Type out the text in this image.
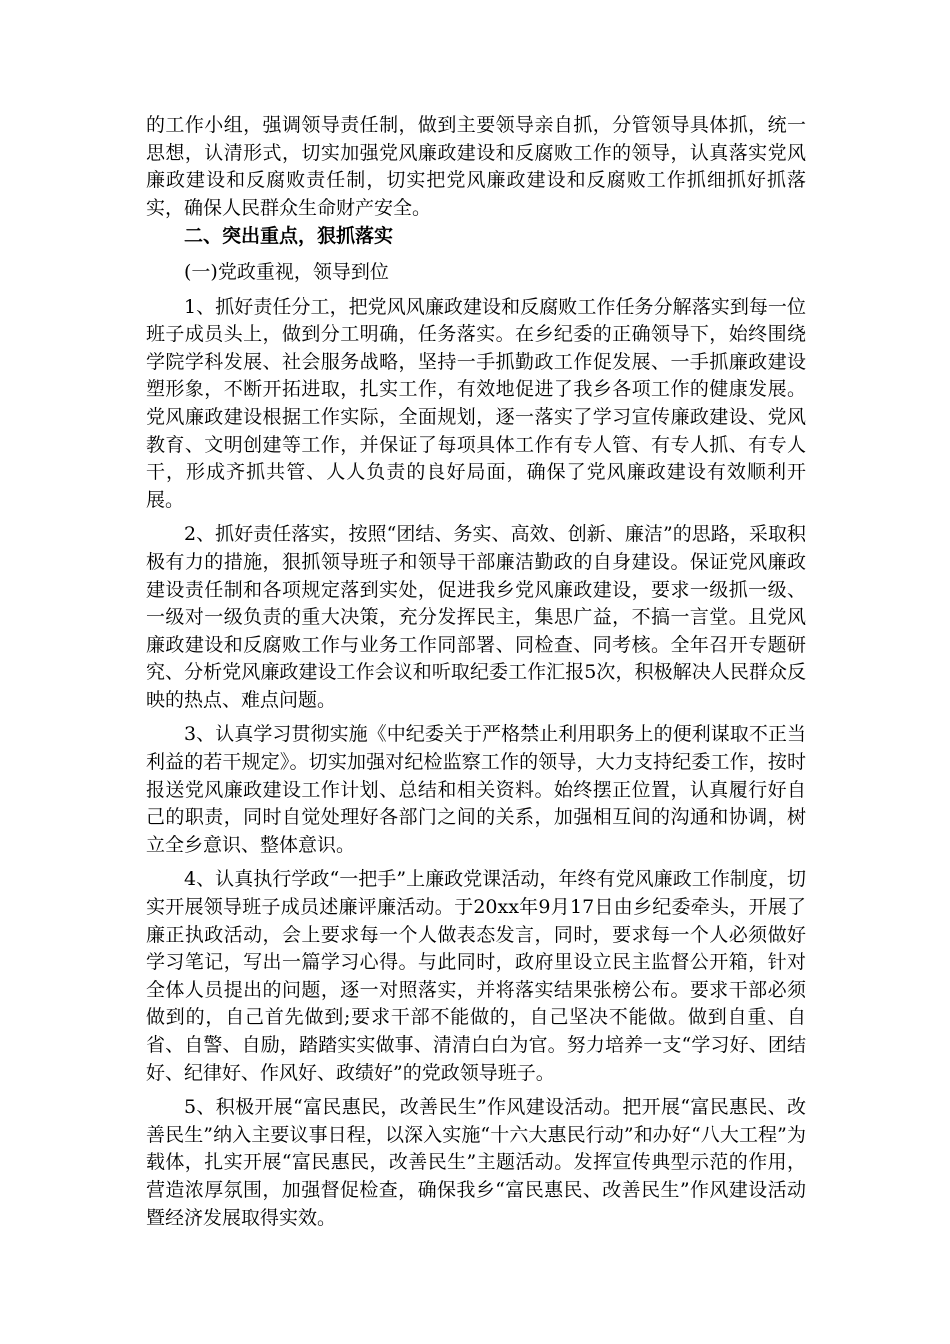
的工作小组，强调领导责任制，做到主要领导亲自抓，分管领导具体抓，统一思想，认清形式，切实加强党风廉政建设和反腐败工作的领导，认真落实党风廉政建设和反腐败责任制，切实把党风廉政建设和反腐败工作抓细抓好抓落实，确保人民群众生命财产安全。

二、突出重点，狠抓落实

(一)党政重视，领导到位

1、抓好责任分工，把党风风廉政建设和反腐败工作任务分解落实到每一位班子成员头上，做到分工明确，任务落实。在乡纪委的正确领导下，始终围绕学院学科发展、社会服务战略，坚持一手抓勤政工作促发展、一手抓廉政建设塑形象，不断开拓进取，扎实工作，有效地促进了我乡各项工作的健康发展。党风廉政建设根据工作实际，全面规划，逐一落实了学习宣传廉政建设、党风教育、文明创建等工作，并保证了每项具体工作有专人管、有专人抓、有专人干，形成齐抓共管、人人负责的良好局面，确保了党风廉政建设有效顺利开展。

2、抓好责任落实，按照“团结、务实、高效、创新、廉洁”的思路，采取积极有力的措施，狠抓领导班子和领导干部廉洁勤政的自身建设。保证党风廉政建设责任制和各项规定落到实处，促进我乡党风廉政建设，要求一级抓一级、一级对一级负责的重大决策，充分发挥民主，集思广益，不搞一言堂。且党风廉政建设和反腐败工作与业务工作同部署、同检查、同考核。全年召开专题研究、分析党风廉政建设工作会议和听取纪委工作汇报5次，积极解决人民群众反映的热点、难点问题。

3、认真学习贯彻实施《中纪委关于严格禁止利用职务上的便利谋取不正当利益的若干规定》。切实加强对纪检监察工作的领导，大力支持纪委工作，按时报送党风廉政建设工作计划、总结和相关资料。始终摆正位置，认真履行好自己的职责，同时自觉处理好各部门之间的关系，加强相互间的沟通和协调，树立全乡意识、整体意识。

4、认真执行学政“一把手”上廉政党课活动，年终有党风廉政工作制度，切实开展领导班子成员述廉评廉活动。于20xx年9月17日由乡纪委牵头，开展了廉正执政活动，会上要求每一个人做表态发言，同时，要求每一个人必须做好学习笔记，写出一篇学习心得。与此同时，政府里设立民主监督公开箱，针对全体人员提出的问题，逐一对照落实，并将落实结果张榜公布。要求干部必须做到的，自己首先做到;要求干部不能做的，自己坚决不能做。做到自重、自省、自警、自励，踏踏实实做事、清清白白为官。努力培养一支“学习好、团结好、纪律好、作风好、政绩好”的党政领导班子。

5、积极开展“富民惠民，改善民生”作风建设活动。把开展“富民惠民、改善民生”纳入主要议事日程，以深入实施“十六大惠民行动”和办好“八大工程”为载体，扎实开展“富民惠民，改善民生”主题活动。发挥宣传典型示范的作用，营造浓厚氛围，加强督促检查，确保我乡“富民惠民、改善民生”作风建设活动暨经济发展取得实效。
